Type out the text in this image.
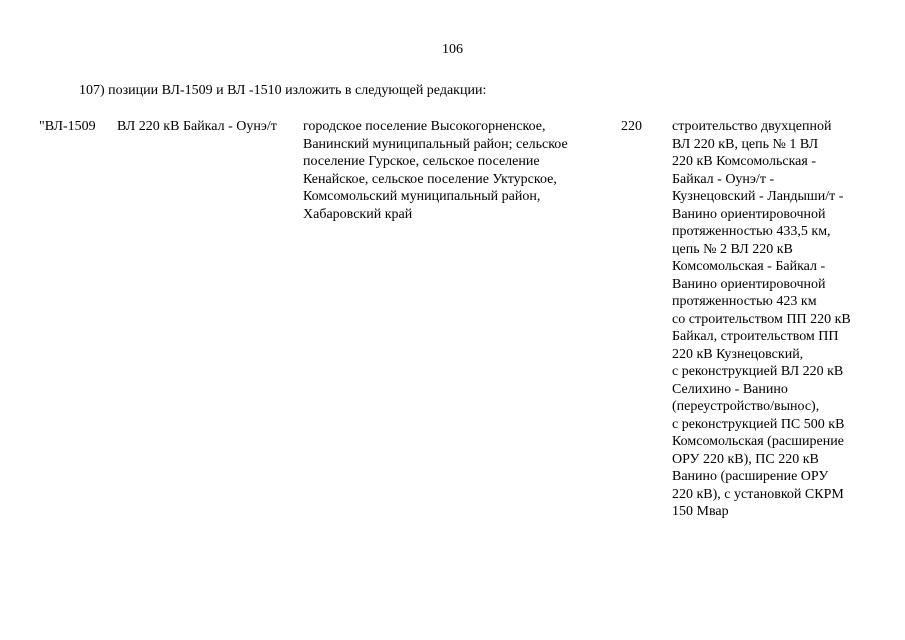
106
107) позиции ВЛ-1509 и ВЛ -1510 изложить в следующей редакции:
"ВЛ-1509 ВЛ 220 кВ Байкал - Оунэ/т городское поселение Высокогорненское,
Ванинский муниципальный район; сельское
поселение Гурское, сельское поселение
Кенайское, сельское поселение Уктурское,
Комсомольский муниципальный район,
Хабаровский край
220 строительство двухцепной
ВЛ 220 кВ, цепь № 1 ВЛ
220 кВ Комсомольская -
Байкал - Оунэ/т -
Кузнецовский - Ландыши/т -
Ванино ориентировочной
протяженностью 433,5 км,
цепь № 2 ВЛ 220 кВ
Комсомольская - Байкал -
Ванино ориентировочной
протяженностью 423 км
со строительством ПП 220 кВ
Байкал, строительством ПП
220 кВ Кузнецовский,
с реконструкцией ВЛ 220 кВ
Селихино - Ванино
(переустройство/вынос),
с реконструкцией ПС 500 кВ
Комсомольская (расширение
ОРУ 220 кВ), ПС 220 кВ
Ванино (расширение ОРУ
220 кВ), с установкой СКРМ
150 Мвар
